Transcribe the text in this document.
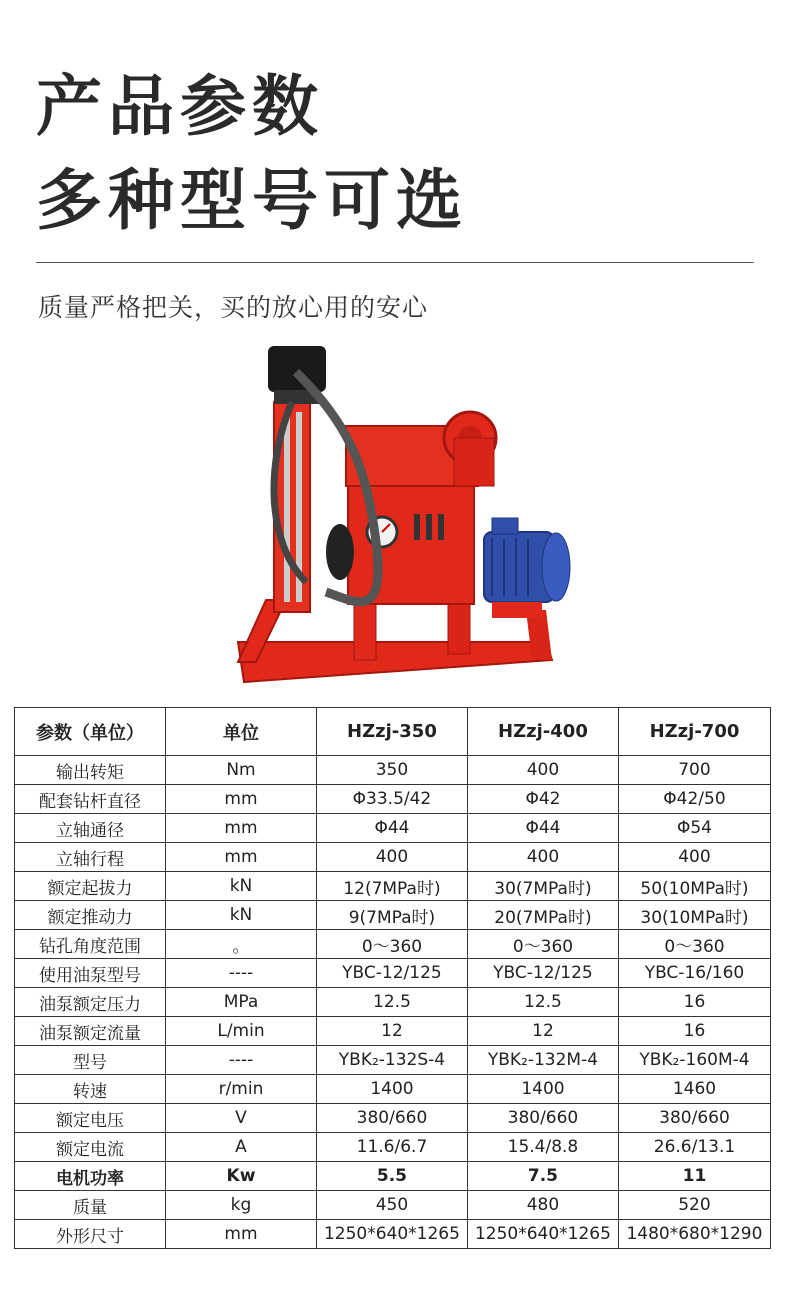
产品参数
多种型号可选
质量严格把关，买的放心用的安心
参数（单位）	单位	HZzj-350	HZzj-400	HZzj-700
输出转矩	Nm	350	400	700
配套钻杆直径	mm	Φ33.5/42	Φ42	Φ42/50
立轴通径	mm	Φ44	Φ44	Φ54
立轴行程	mm	400	400	400
额定起拔力	kN	12(7MPa时)	30(7MPa时)	50(10MPa时)
额定推动力	kN	9(7MPa时)	20(7MPa时)	30(10MPa时)
钻孔角度范围	。	0～360	0～360	0～360
使用油泵型号	----	YBC-12/125	YBC-12/125	YBC-16/160
油泵额定压力	MPa	12.5	12.5	16
油泵额定流量	L/min	12	12	16
型号	----	YBK₂-132S-4	YBK₂-132M-4	YBK₂-160M-4
转速	r/min	1400	1400	1460
额定电压	V	380/660	380/660	380/660
额定电流	A	11.6/6.7	15.4/8.8	26.6/13.1
电机功率	Kw	5.5	7.5	11
质量	kg	450	480	520
外形尺寸	mm	1250*640*1265	1250*640*1265	1480*680*1290
